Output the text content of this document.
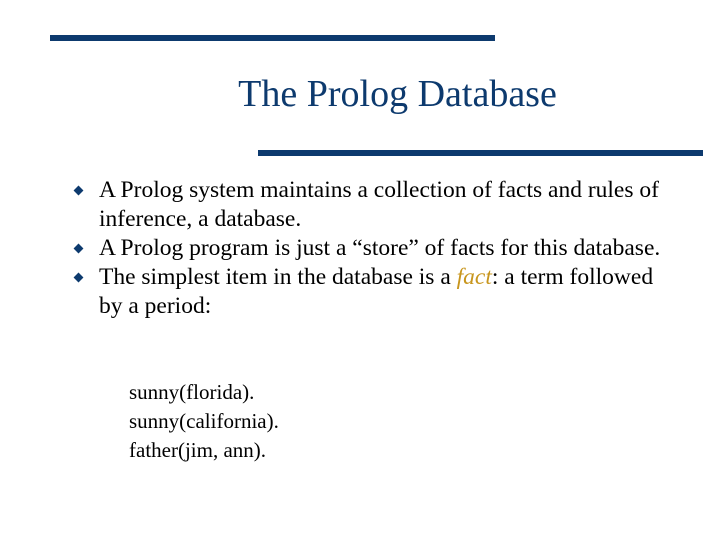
The Prolog Database
A Prolog system maintains a collection of facts and rules of inference, a database.
A Prolog program is just a “store” of facts for this database.
The simplest item in the database is a fact: a term followed by a period:
sunny(florida).
sunny(california).
father(jim, ann).
